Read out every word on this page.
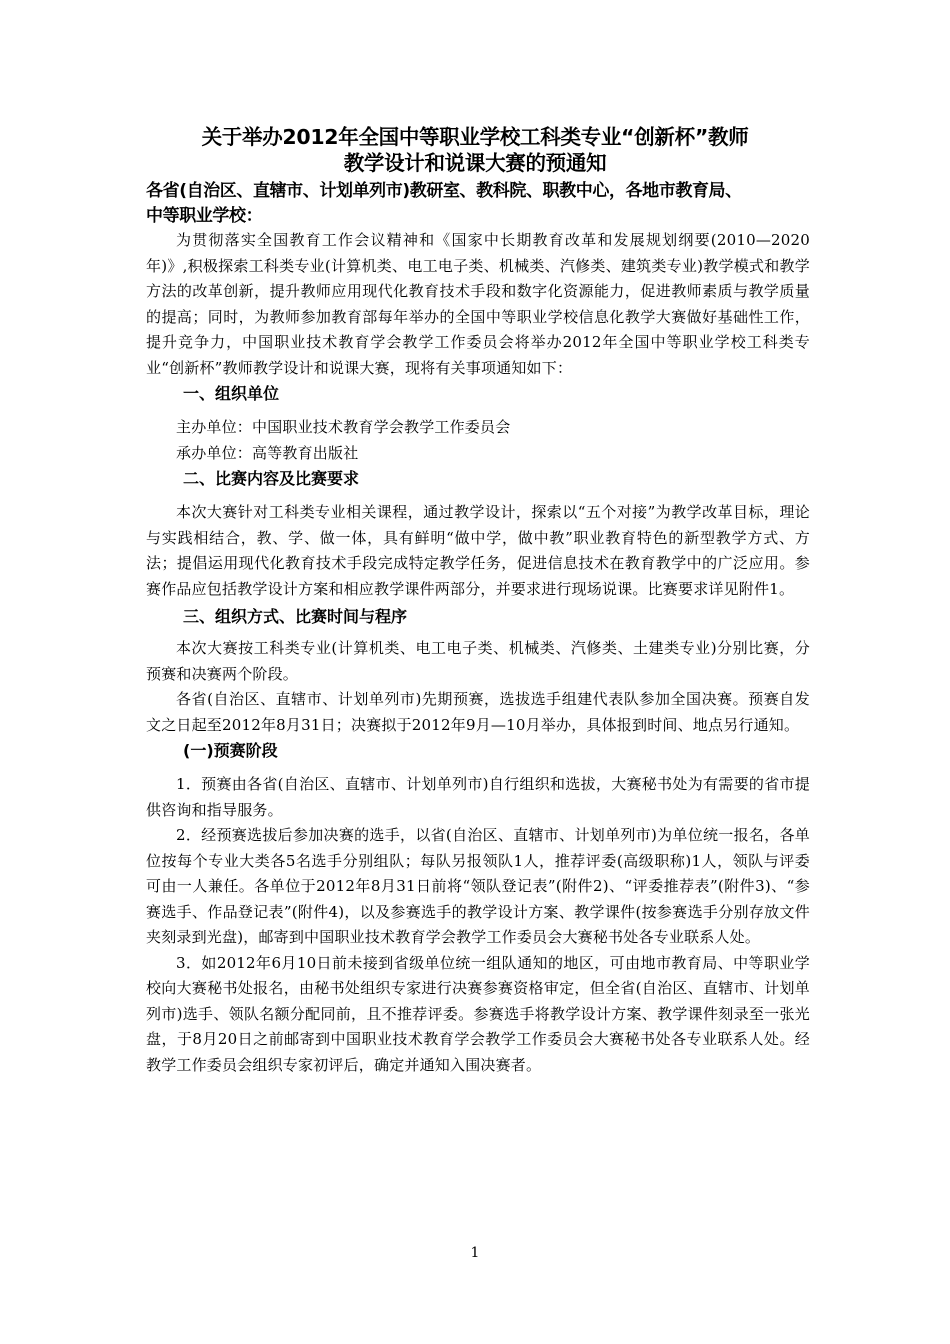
关于举办2012年全国中等职业学校工科类专业“创新杯”教师
教学设计和说课大赛的预通知
各省(自治区、直辖市、计划单列市)教研室、教科院、职教中心，各地市教育局、
中等职业学校：

为贯彻落实全国教育工作会议精神和《国家中长期教育改革和发展规划纲要(2010—2020年)》,积极探索工科类专业(计算机类、电工电子类、机械类、汽修类、建筑类专业)教学模式和教学方法的改革创新，提升教师应用现代化教育技术手段和数字化资源能力，促进教师素质与教学质量的提高；同时，为教师参加教育部每年举办的全国中等职业学校信息化教学大赛做好基础性工作，提升竞争力，中国职业技术教育学会教学工作委员会将举办2012年全国中等职业学校工科类专业“创新杯”教师教学设计和说课大赛，现将有关事项通知如下：

一、组织单位

主办单位：中国职业技术教育学会教学工作委员会

承办单位：高等教育出版社

二、比赛内容及比赛要求

本次大赛针对工科类专业相关课程，通过教学设计，探索以“五个对接”为教学改革目标，理论与实践相结合，教、学、做一体，具有鲜明“做中学，做中教”职业教育特色的新型教学方式、方法；提倡运用现代化教育技术手段完成特定教学任务，促进信息技术在教育教学中的广泛应用。参赛作品应包括教学设计方案和相应教学课件两部分，并要求进行现场说课。比赛要求详见附件1。

三、组织方式、比赛时间与程序

本次大赛按工科类专业(计算机类、电工电子类、机械类、汽修类、土建类专业)分别比赛，分预赛和决赛两个阶段。

各省(自治区、直辖市、计划单列市)先期预赛，选拔选手组建代表队参加全国决赛。预赛自发文之日起至2012年8月31日；决赛拟于2012年9月—10月举办，具体报到时间、地点另行通知。

(一)预赛阶段

1．预赛由各省(自治区、直辖市、计划单列市)自行组织和选拔，大赛秘书处为有需要的省市提供咨询和指导服务。

2．经预赛选拔后参加决赛的选手，以省(自治区、直辖市、计划单列市)为单位统一报名，各单位按每个专业大类各5名选手分别组队；每队另报领队1人，推荐评委(高级职称)1人，领队与评委可由一人兼任。各单位于2012年8月31日前将“领队登记表”(附件2)、“评委推荐表”(附件3)、“参赛选手、作品登记表”(附件4)，以及参赛选手的教学设计方案、教学课件(按参赛选手分别存放文件夹刻录到光盘)，邮寄到中国职业技术教育学会教学工作委员会大赛秘书处各专业联系人处。

3．如2012年6月10日前未接到省级单位统一组队通知的地区，可由地市教育局、中等职业学校向大赛秘书处报名，由秘书处组织专家进行决赛参赛资格审定，但全省(自治区、直辖市、计划单列市)选手、领队名额分配同前，且不推荐评委。参赛选手将教学设计方案、教学课件刻录至一张光盘，于8月20日之前邮寄到中国职业技术教育学会教学工作委员会大赛秘书处各专业联系人处。经教学工作委员会组织专家初评后，确定并通知入围决赛者。

1
